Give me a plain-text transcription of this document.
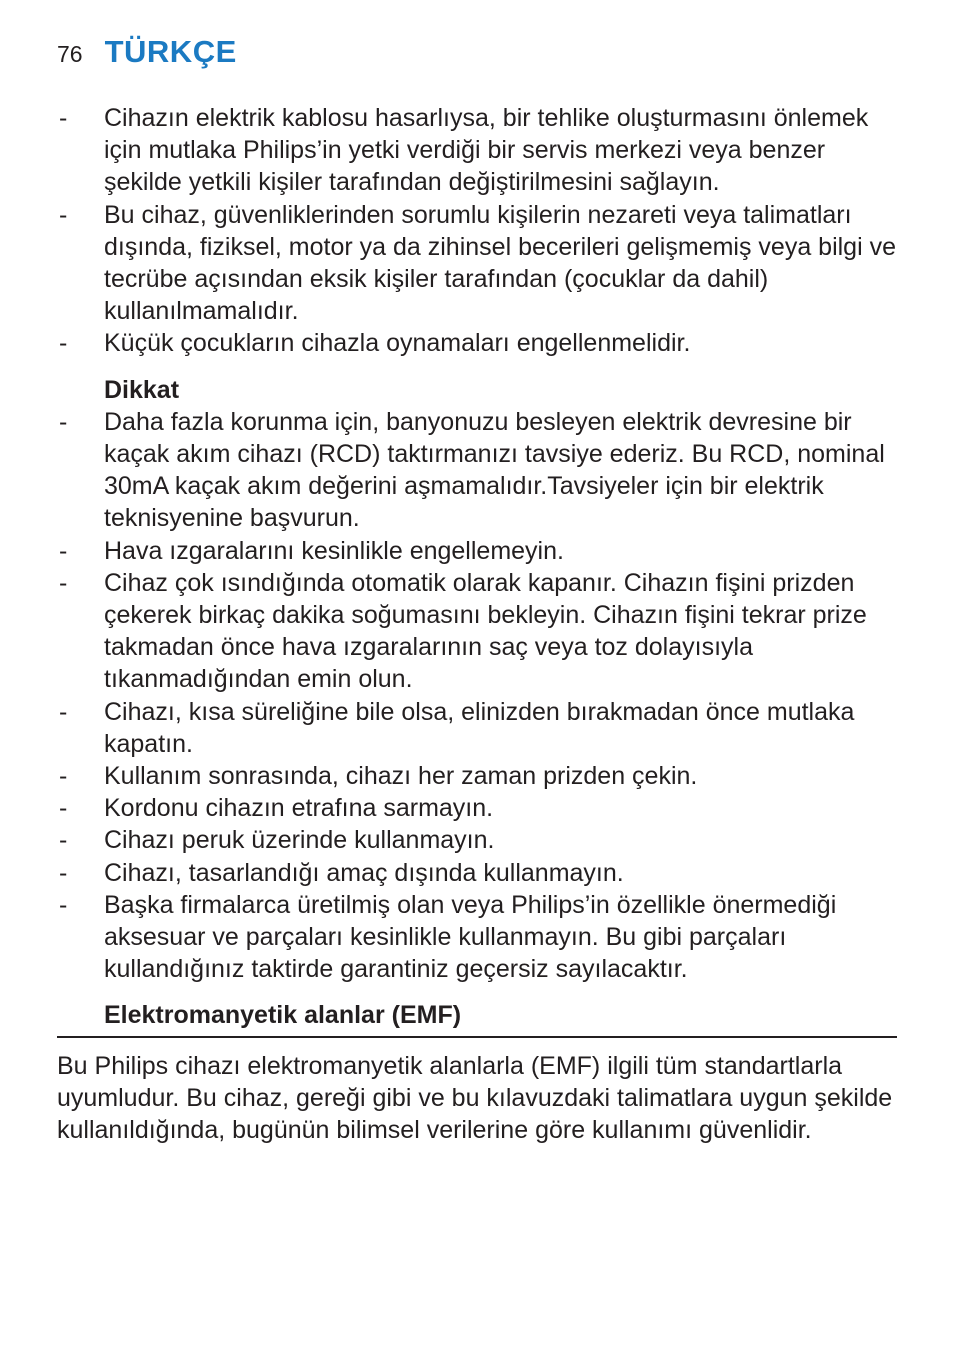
76 TÜRKÇE
- Cihazın elektrik kablosu hasarlıysa, bir tehlike oluşturmasını önlemek için mutlaka Philips’in yetki verdiği bir servis merkezi veya benzer şekilde yetkili kişiler tarafından değiştirilmesini sağlayın.
- Bu cihaz, güvenliklerinden sorumlu kişilerin nezareti veya talimatları dışında, fiziksel, motor ya da zihinsel becerileri gelişmemiş veya bilgi ve tecrübe açısından eksik kişiler tarafından (çocuklar da dahil) kullanılmamalıdır.
- Küçük çocukların cihazla oynamaları engellenmelidir.
Dikkat
- Daha fazla korunma için, banyonuzu besleyen elektrik devresine bir kaçak akım cihazı (RCD) taktırmanızı tavsiye ederiz. Bu RCD, nominal 30mA kaçak akım değerini aşmamalıdır.Tavsiyeler için bir elektrik teknisyenine başvurun.
- Hava ızgaralarını kesinlikle engellemeyin.
- Cihaz çok ısındığında otomatik olarak kapanır. Cihazın fişini prizden çekerek birkaç dakika soğumasını bekleyin. Cihazın fişini tekrar prize takmadan önce hava ızgaralarının saç veya toz dolayısıyla tıkanmadığından emin olun.
- Cihazı, kısa süreliğine bile olsa, elinizden bırakmadan önce mutlaka kapatın.
- Kullanım sonrasında, cihazı her zaman prizden çekin.
- Kordonu cihazın etrafına sarmayın.
- Cihazı peruk üzerinde kullanmayın.
- Cihazı, tasarlandığı amaç dışında kullanmayın.
- Başka firmalarca üretilmiş olan veya Philips’in özellikle önermediği aksesuar ve parçaları kesinlikle kullanmayın. Bu gibi parçaları kullandığınız taktirde garantiniz geçersiz sayılacaktır.
Elektromanyetik alanlar (EMF)
Bu Philips cihazı elektromanyetik alanlarla (EMF) ilgili tüm standartlarla uyumludur. Bu cihaz, gereği gibi ve bu kılavuzdaki talimatlara uygun şekilde kullanıldığında, bugünün bilimsel verilerine göre kullanımı güvenlidir.
